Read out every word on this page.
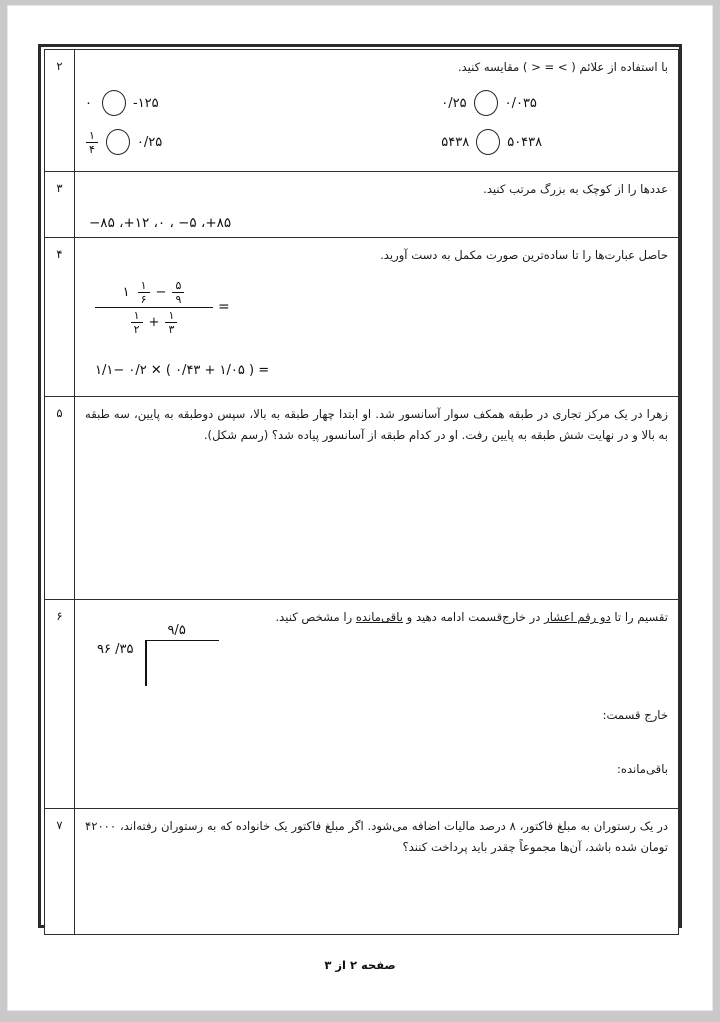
با استفاده از علائم ( > = < ) مقایسه کنید.
۰/۲۵	۰/۰۳۵
۵۴۳۸	۵۰۴۳۸
۰	-۱۲۵
$\frac{۱}{۴}$	۰/۲۵
	۲

عددها را از کوچک به بزرگ مرتب کنید.
−۸۵ ،+۱۲ ،۰ ، −۵ ،+۸۵	۳

حاصل عبارت‌ها را تا ساده‌ترین صورت مکمل به دست آورید.
۱ $\frac{۱}{۶} - \frac{۵}{۹}$
$\frac{۱}{۲} + \frac{۱}{۳}$
=
۱/۱− ۰/۲ ✕ ( ۰/۴۳ + ۱/۰۵ ) =
	۴

زهرا در یک مرکز تجاری در طبقه همکف سوار آسانسور شد. او ابتدا چهار طبقه به بالا، سپس دوطبقه به پایین، سه طبقه به بالا و در نهایت شش طبقه به پایین رفت. او در کدام طبقه از آسانسور پیاده شد؟ (رسم شکل).	۵

تقسیم را تا دو رقم اعشار در خارج‌قسمت ادامه دهید و باقی‌مانده را مشخص کنید.
۹۶ /۳۵
۹/۵
خارج قسمت:
باقی‌مانده:	۶

در یک رستوران به مبلغ فاکتور، ۸ درصد مالیات اضافه می‌شود. اگر مبلغ فاکتور یک خانواده که به رستوران رفته‌اند، ۴۲۰۰۰ تومان شده باشد، آن‌ها مجموعاً چقدر باید پرداخت کنند؟	۷
صفحه ۲ از ۳
